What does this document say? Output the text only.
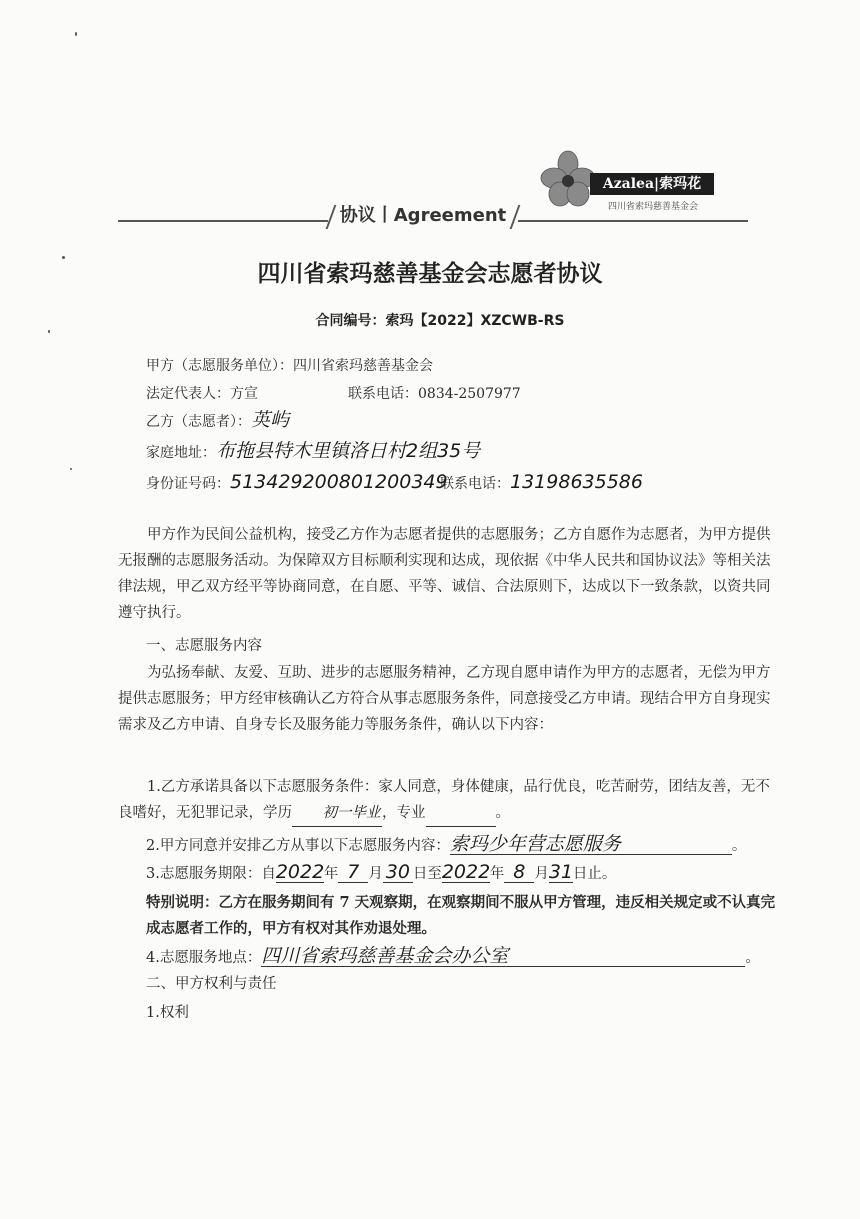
协议丨Agreement
Azalea|索玛花
四川省索玛慈善基金会
四川省索玛慈善基金会志愿者协议
合同编号：索玛【2022】XZCWB-RS
甲方（志愿服务单位）：四川省索玛慈善基金会
法定代表人：方宣	联系电话：0834-2507977
乙方（志愿者）：英屿
家庭地址：布拖县特木里镇洛日村2组35号
身份证号码：513429200801200349
联系电话：13198635586
甲方作为民间公益机构，接受乙方作为志愿者提供的志愿服务；乙方自愿作为志愿者，为甲方提供无报酬的志愿服务活动。为保障双方目标顺利实现和达成，现依据《中华人民共和国协议法》等相关法律法规，甲乙双方经平等协商同意，在自愿、平等、诚信、合法原则下，达成以下一致条款，以资共同遵守执行。
一、志愿服务内容
为弘扬奉献、友爱、互助、进步的志愿服务精神，乙方现自愿申请作为甲方的志愿者，无偿为甲方提供志愿服务；甲方经审核确认乙方符合从事志愿服务条件，同意接受乙方申请。现结合甲方自身现实需求及乙方申请、自身专长及服务能力等服务条件，确认以下内容：
1.乙方承诺具备以下志愿服务条件：家人同意，身体健康，品行优良，吃苦耐劳，团结友善，无不良嗜好，无犯罪记录，学历 初一毕业 ，专业	。
2.甲方同意并安排乙方从事以下志愿服务内容：索玛少年营志愿服务	。
3.志愿服务期限：自2022年 7 月 30 日至2022年 8 月31日止。
特别说明：乙方在服务期间有 7 天观察期，在观察期间不服从甲方管理，违反相关规定或不认真完成志愿者工作的，甲方有权对其作劝退处理。
4.志愿服务地点：四川省索玛慈善基金会办公室	。
二、甲方权利与责任
1.权利
